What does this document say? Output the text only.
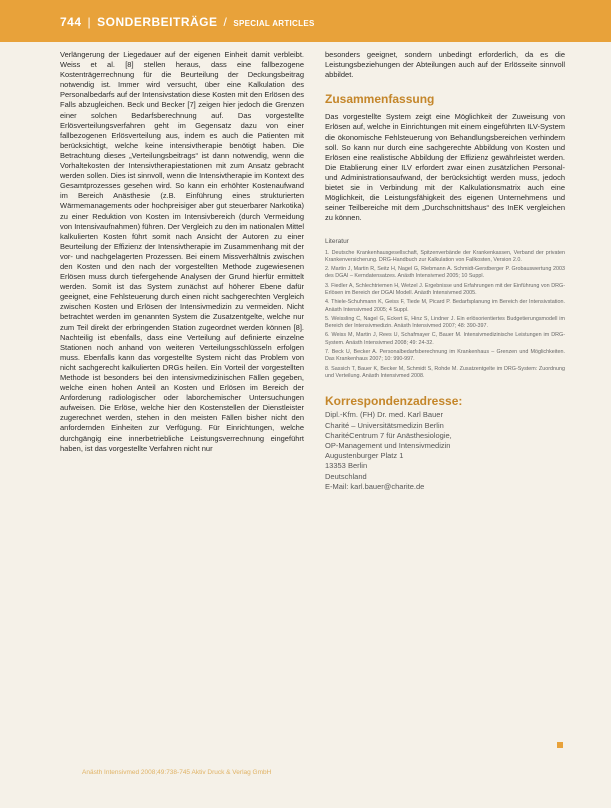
744 | SONDERBEITRÄGE / SPECIAL ARTICLES

Verlängerung der Liegedauer auf der eigenen Einheit damit verbleibt. Weiss et al. [8] stellen heraus, dass eine fallbezogene Kostenträgerrechnung für die Beurteilung der Deckungsbeitrag notwendig ist. Immer wird versucht, über eine Kalkulation des Personalbedarfs auf der Intensivstation diese Kosten mit den Erlösen des Falls abzugleichen. Beck und Becker [7] zeigen hier jedoch die Grenzen einer solchen Bedarfsberechnung auf. Das vorgestellte Erlösverteilungsverfahren geht im Gegensatz dazu von einer fallbezogenen Erlösverteilung aus, indem es auch die Patienten mit berücksichtigt, welche keine intensivtherapie benötigt haben. Die Betrachtung dieses „Verteilungsbeitrags“ ist dann notwendig, wenn die Vorhaltekosten der Intensivtherapiestationen mit zum Ansatz gebracht werden sollen. Dies ist sinnvoll, wenn die Intensivtherapie im Kontext des Gesamtprozesses gesehen wird. So kann ein erhöhter Kostenaufwand im Bereich Anästhesie (z.B. Einführung eines strukturierten Wärmemanagements oder hochpreisiger aber gut steuerbarer Narkotika) zu einer Reduktion von Kosten im Intensivbereich (durch Vermeidung von Intensivaufnahmen) führen. Der Vergleich zu den im nationalen Mittel kalkulierten Kosten führt somit nach Ansicht der Autoren zu einer Beurteilung der Effizienz der Intensivtherapie im Zusammenhang mit der vor- und nachgelagerten Prozessen. Bei einem Missverhältnis zwischen den Kosten und den nach der vorgestellten Methode zugewiesenen Erlösen muss durch tiefergehende Analysen der Grund hierfür ermittelt werden. Somit ist das System zunächst auf höherer Ebene dafür geeignet, eine Fehlsteuerung durch einen nicht sachgerechten Vergleich zwischen Kosten und Erlösen der Intensivmedizin zu vermeiden. Nicht betrachtet werden im genannten System die Zusatzentgelte, welche nur zum Teil direkt der erbringenden Station zugeordnet werden können [8]. Nachteilig ist ebenfalls, dass eine Verteilung auf definierte einzelne Stationen noch anhand von weiteren Verteilungsschlüsseln erfolgen muss. Ebenfalls kann das vorgestellte System nicht das Problem von nicht sachgerecht kalkulierten DRGs heilen. Ein Vorteil der vorgestellten Methode ist besonders bei den intensivmedizinischen Fällen gegeben, welche einen hohen Anteil an Kosten und Erlösen im Bereich der Anforderung radiologischer oder laborchemischer Untersuchungen aufweisen. Die Erlöse, welche hier den Kostenstellen der Dienstleister zugerechnet werden, stehen in den meisten Fällen bisher nicht den anfordernden Einheiten zur Verfügung. Für Einrichtungen, welche durchgängig eine innerbetriebliche Leistungsverrechnung eingeführt haben, ist das vorgestellte Verfahren nicht nur

besonders geeignet, sondern unbedingt erforderlich, da es die Leistungsbeziehungen der Abteilungen auch auf der Erlösseite sinnvoll abbildet.

Zusammenfassung

Das vorgestellte System zeigt eine Möglichkeit der Zuweisung von Erlösen auf, welche in Einrichtungen mit einem eingeführten ILV-System die ökonomische Fehlsteuerung von Behandlungsbereichen verhindern soll. So kann nur durch eine sachgerechte Abbildung von Kosten und Erlösen eine realistische Abbildung der Effizienz gewährleistet werden. Die Etablierung einer ILV erfordert zwar einen zusätzlichen Personal- und Administrationsaufwand, der berücksichtigt werden muss, jedoch bietet sie in Verbindung mit der Kalkulationsmatrix auch eine Möglichkeit, die Leistungsfähigkeit des eigenen Unternehmens und seiner Teilbereiche mit dem „Durchschnittshaus“ des InEK vergleichen zu können.

Literatur
1. Deutsche Krankenhausgesellschaft, Spitzenverbände der Krankenkassen, Verband der privaten Krankenversicherung. DRG-Handbuch zur Kalkulation von Fallkosten, Version 2.0.
2. Martin J, Martin R, Seitz H, Nagel G, Riebmann A. Schmidt-Gerstberger P. Grobauswertung 2003 des DGAI – Kerndatensatzes. Anästh Intensivmed 2005; 10 Suppl.
3. Fiedler A, Schlechtriemen H, Wetzel J. Ergebnisse und Erfahrungen mit der Einführung von DRG-Erlösen im Bereich der DGAI Modell. Anästh Intensivmed 2005.
4. Thiele-Schuhmann K, Geiss F, Tiede M, Picard P. Bedarfsplanung im Bereich der Intensivstation. Anästh Intensivmed 2005; 4 Suppl.
5. Weissling C, Nagel G, Eckert E, Hinz S, Lindner J. Ein erlösorientiertes Budgetierungsmodell im Bereich der Intensivmedizin. Anästh Intensivmed 2007; 48: 390-397.
6. Weiss M, Martin J, Rees U, Schafmayer C, Bauer M. Intensivmedizinische Leistungen im DRG-System. Anästh Intensivmed 2008; 49: 24-32.
7. Beck U, Becker A. Personalbedarfsberechnung im Krankenhaus – Grenzen und Möglichkeiten. Das Krankenhaus 2007; 10: 990-997.
8. Sassich T, Bauer K, Becker M, Schmidt S, Rohde M. Zusatzentgelte im DRG-System: Zuordnung und Verteilung. Anästh Intensivmed 2008.
Korrespondenzadresse:
Dipl.-Kfm. (FH) Dr. med. Karl Bauer
Charité – Universitätsmedizin Berlin
CharitéCentrum 7 für Anästhesiologie,
OP-Management und Intensivmedizin
Augustenburger Platz 1
13353 Berlin
Deutschland
E-Mail: karl.bauer@charite.de
Anästh Intensivmed 2008;49:738-745 Aktiv Druck & Verlag GmbH
